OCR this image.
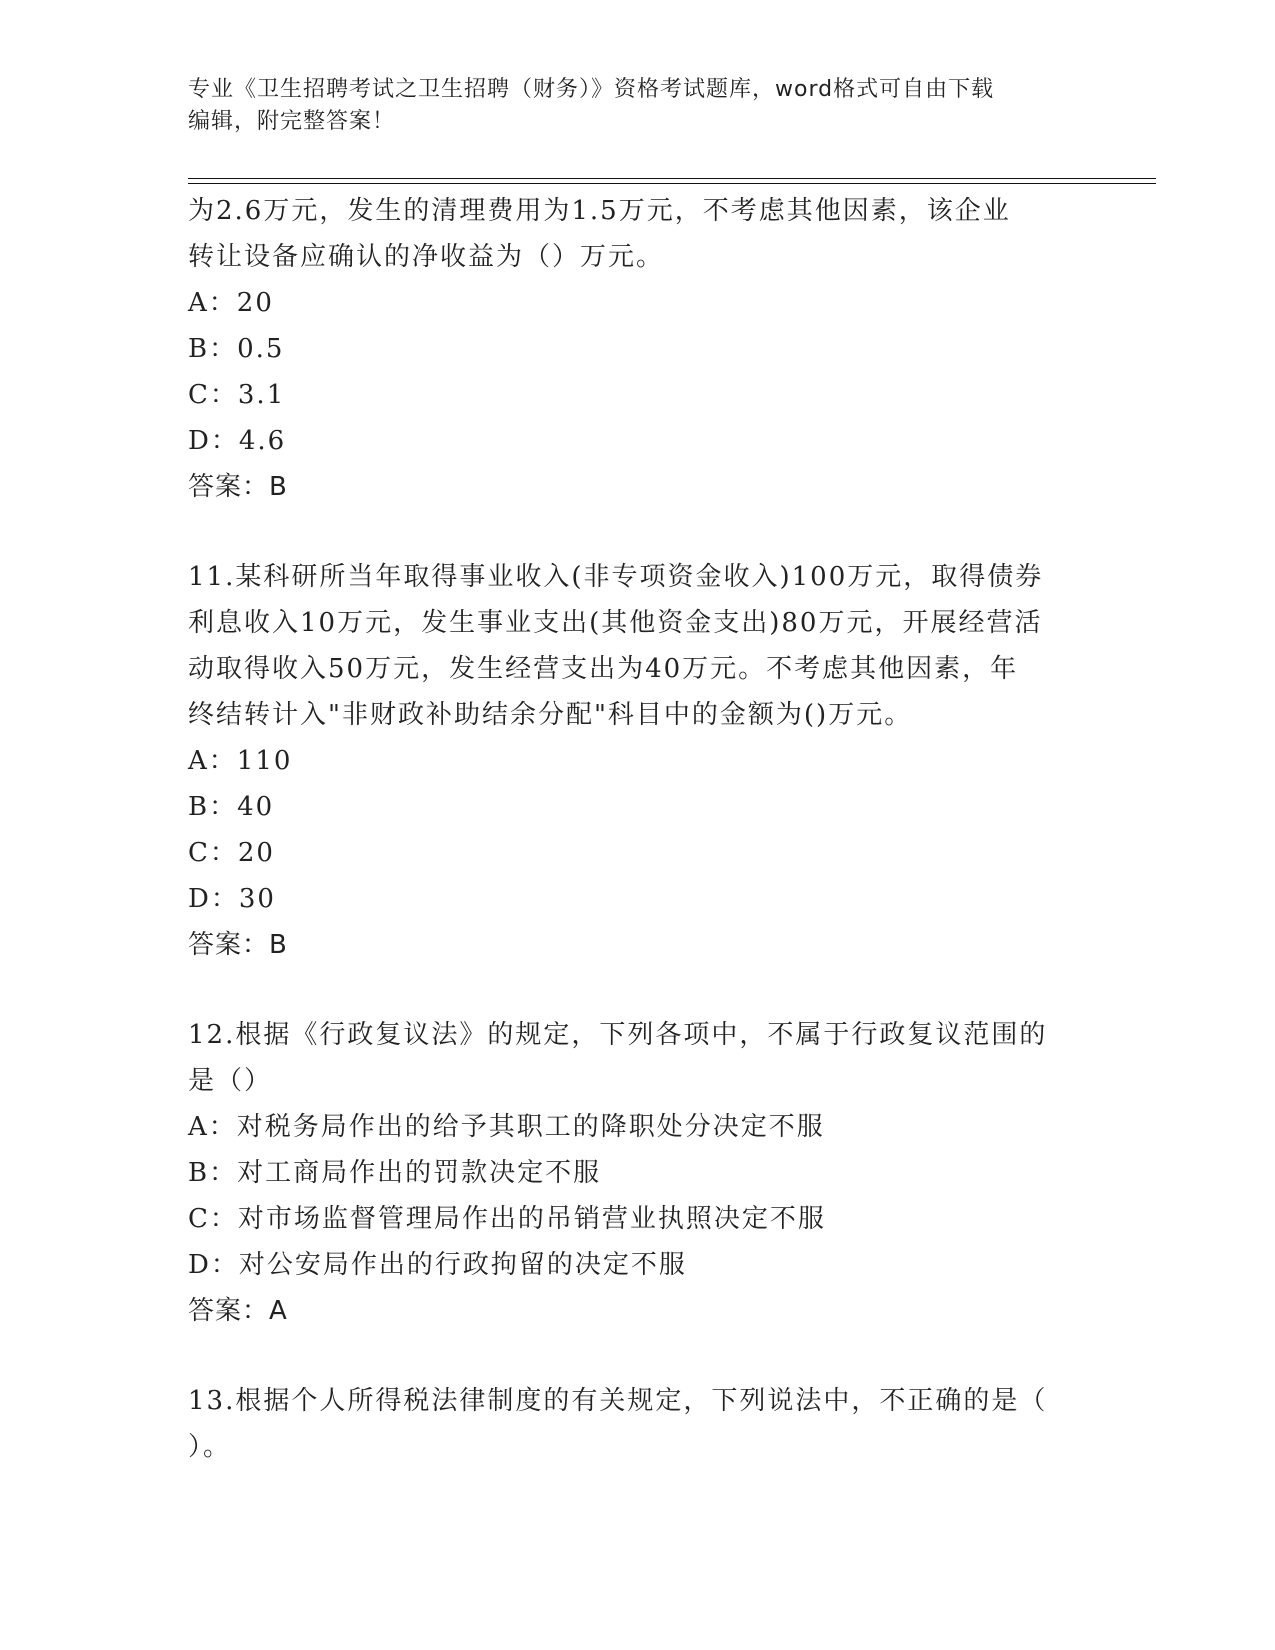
专业《卫生招聘考试之卫生招聘（财务）》资格考试题库，word格式可自由下载
编辑，附完整答案！
为2.6万元，发生的清理费用为1.5万元，不考虑其他因素，该企业
转让设备应确认的净收益为（）万元。
A：20
B：0.5
C：3.1
D：4.6
答案：B
11.某科研所当年取得事业收入(非专项资金收入)100万元，取得债券
利息收入10万元，发生事业支出(其他资金支出)80万元，开展经营活
动取得收入50万元，发生经营支出为40万元。不考虑其他因素，年
终结转计入"非财政补助结余分配"科目中的金额为()万元。
A：110
B：40
C：20
D：30
答案：B
12.根据《行政复议法》的规定，下列各项中，不属于行政复议范围的
是（）
A：对税务局作出的给予其职工的降职处分决定不服
B：对工商局作出的罚款决定不服
C：对市场监督管理局作出的吊销营业执照决定不服
D：对公安局作出的行政拘留的决定不服
答案：A
13.根据个人所得税法律制度的有关规定，下列说法中，不正确的是（
）。
